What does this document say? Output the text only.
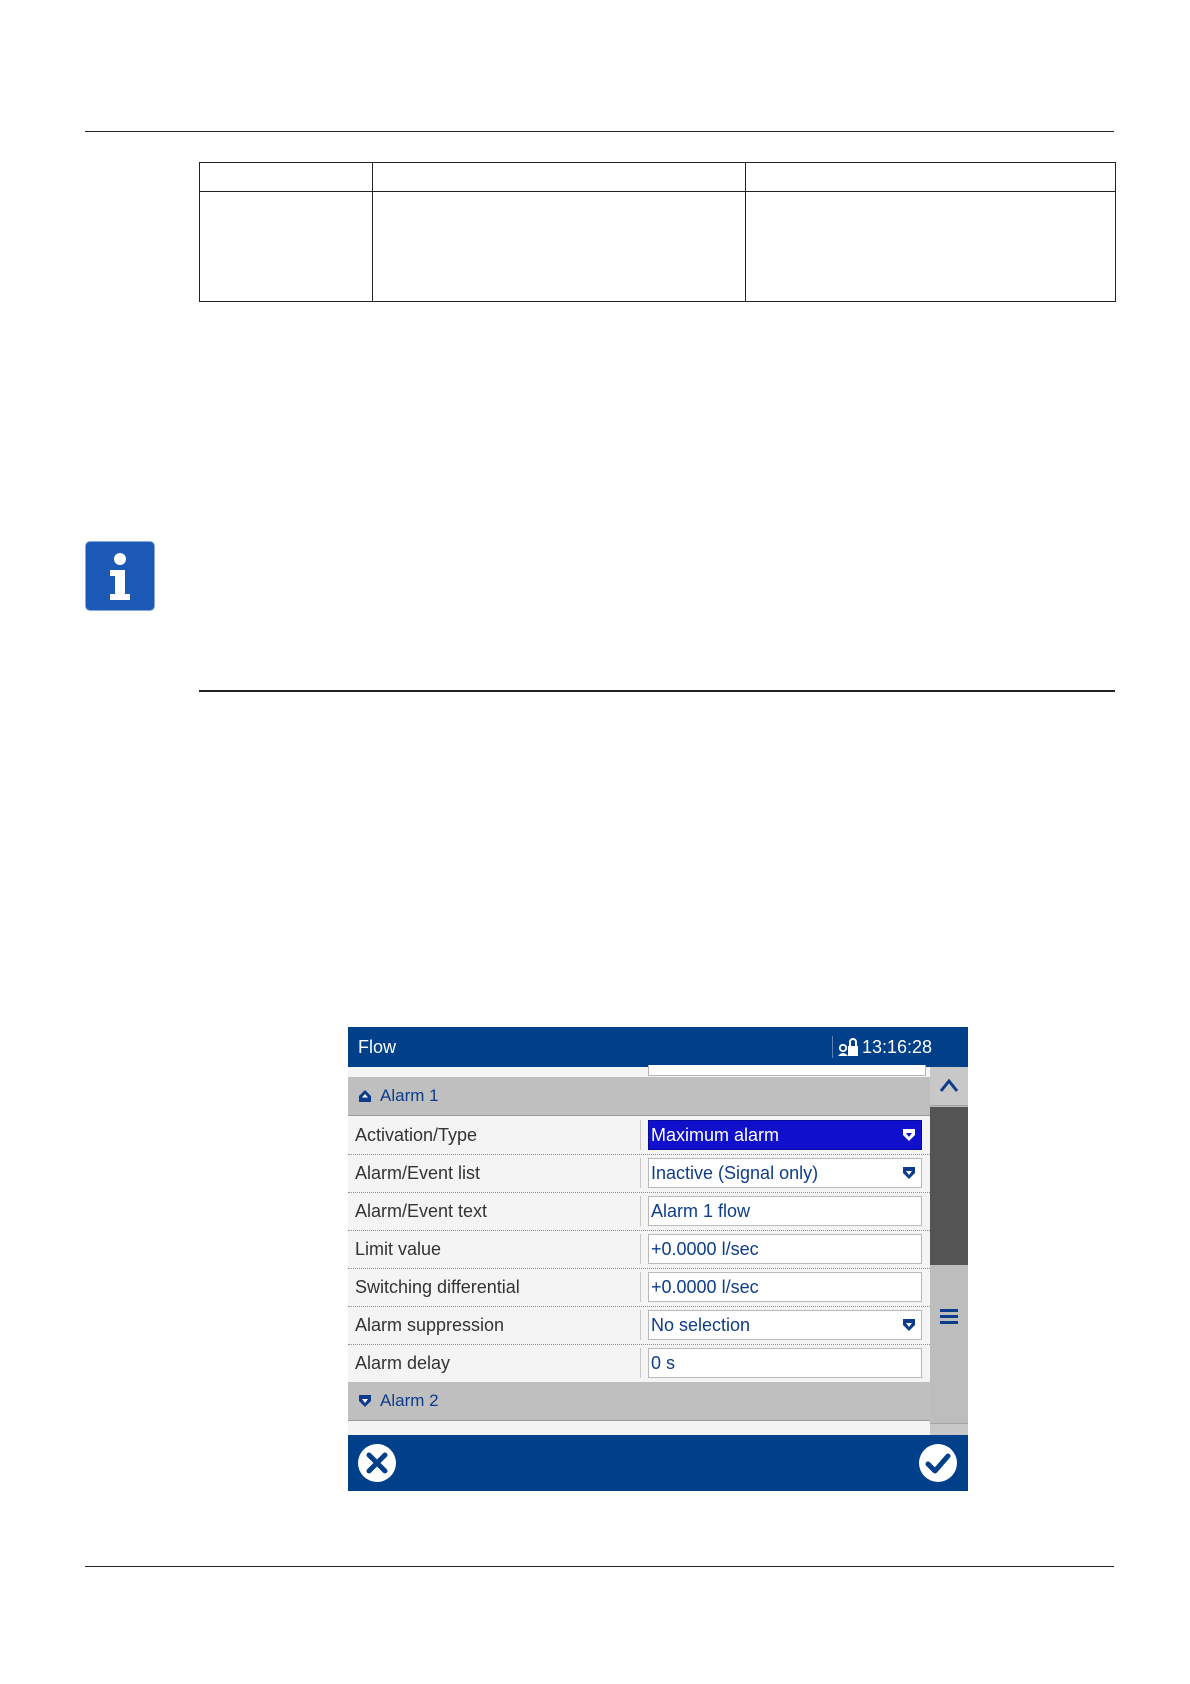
Flow	13:16:28
Alarm 1
Activation/Type	Maximum alarm
Alarm/Event list	Inactive (Signal only)
Alarm/Event text	Alarm 1 flow
Limit value	+0.0000 l/sec
Switching differential	+0.0000 l/sec
Alarm suppression	No selection
Alarm delay	0 s
Alarm 2
